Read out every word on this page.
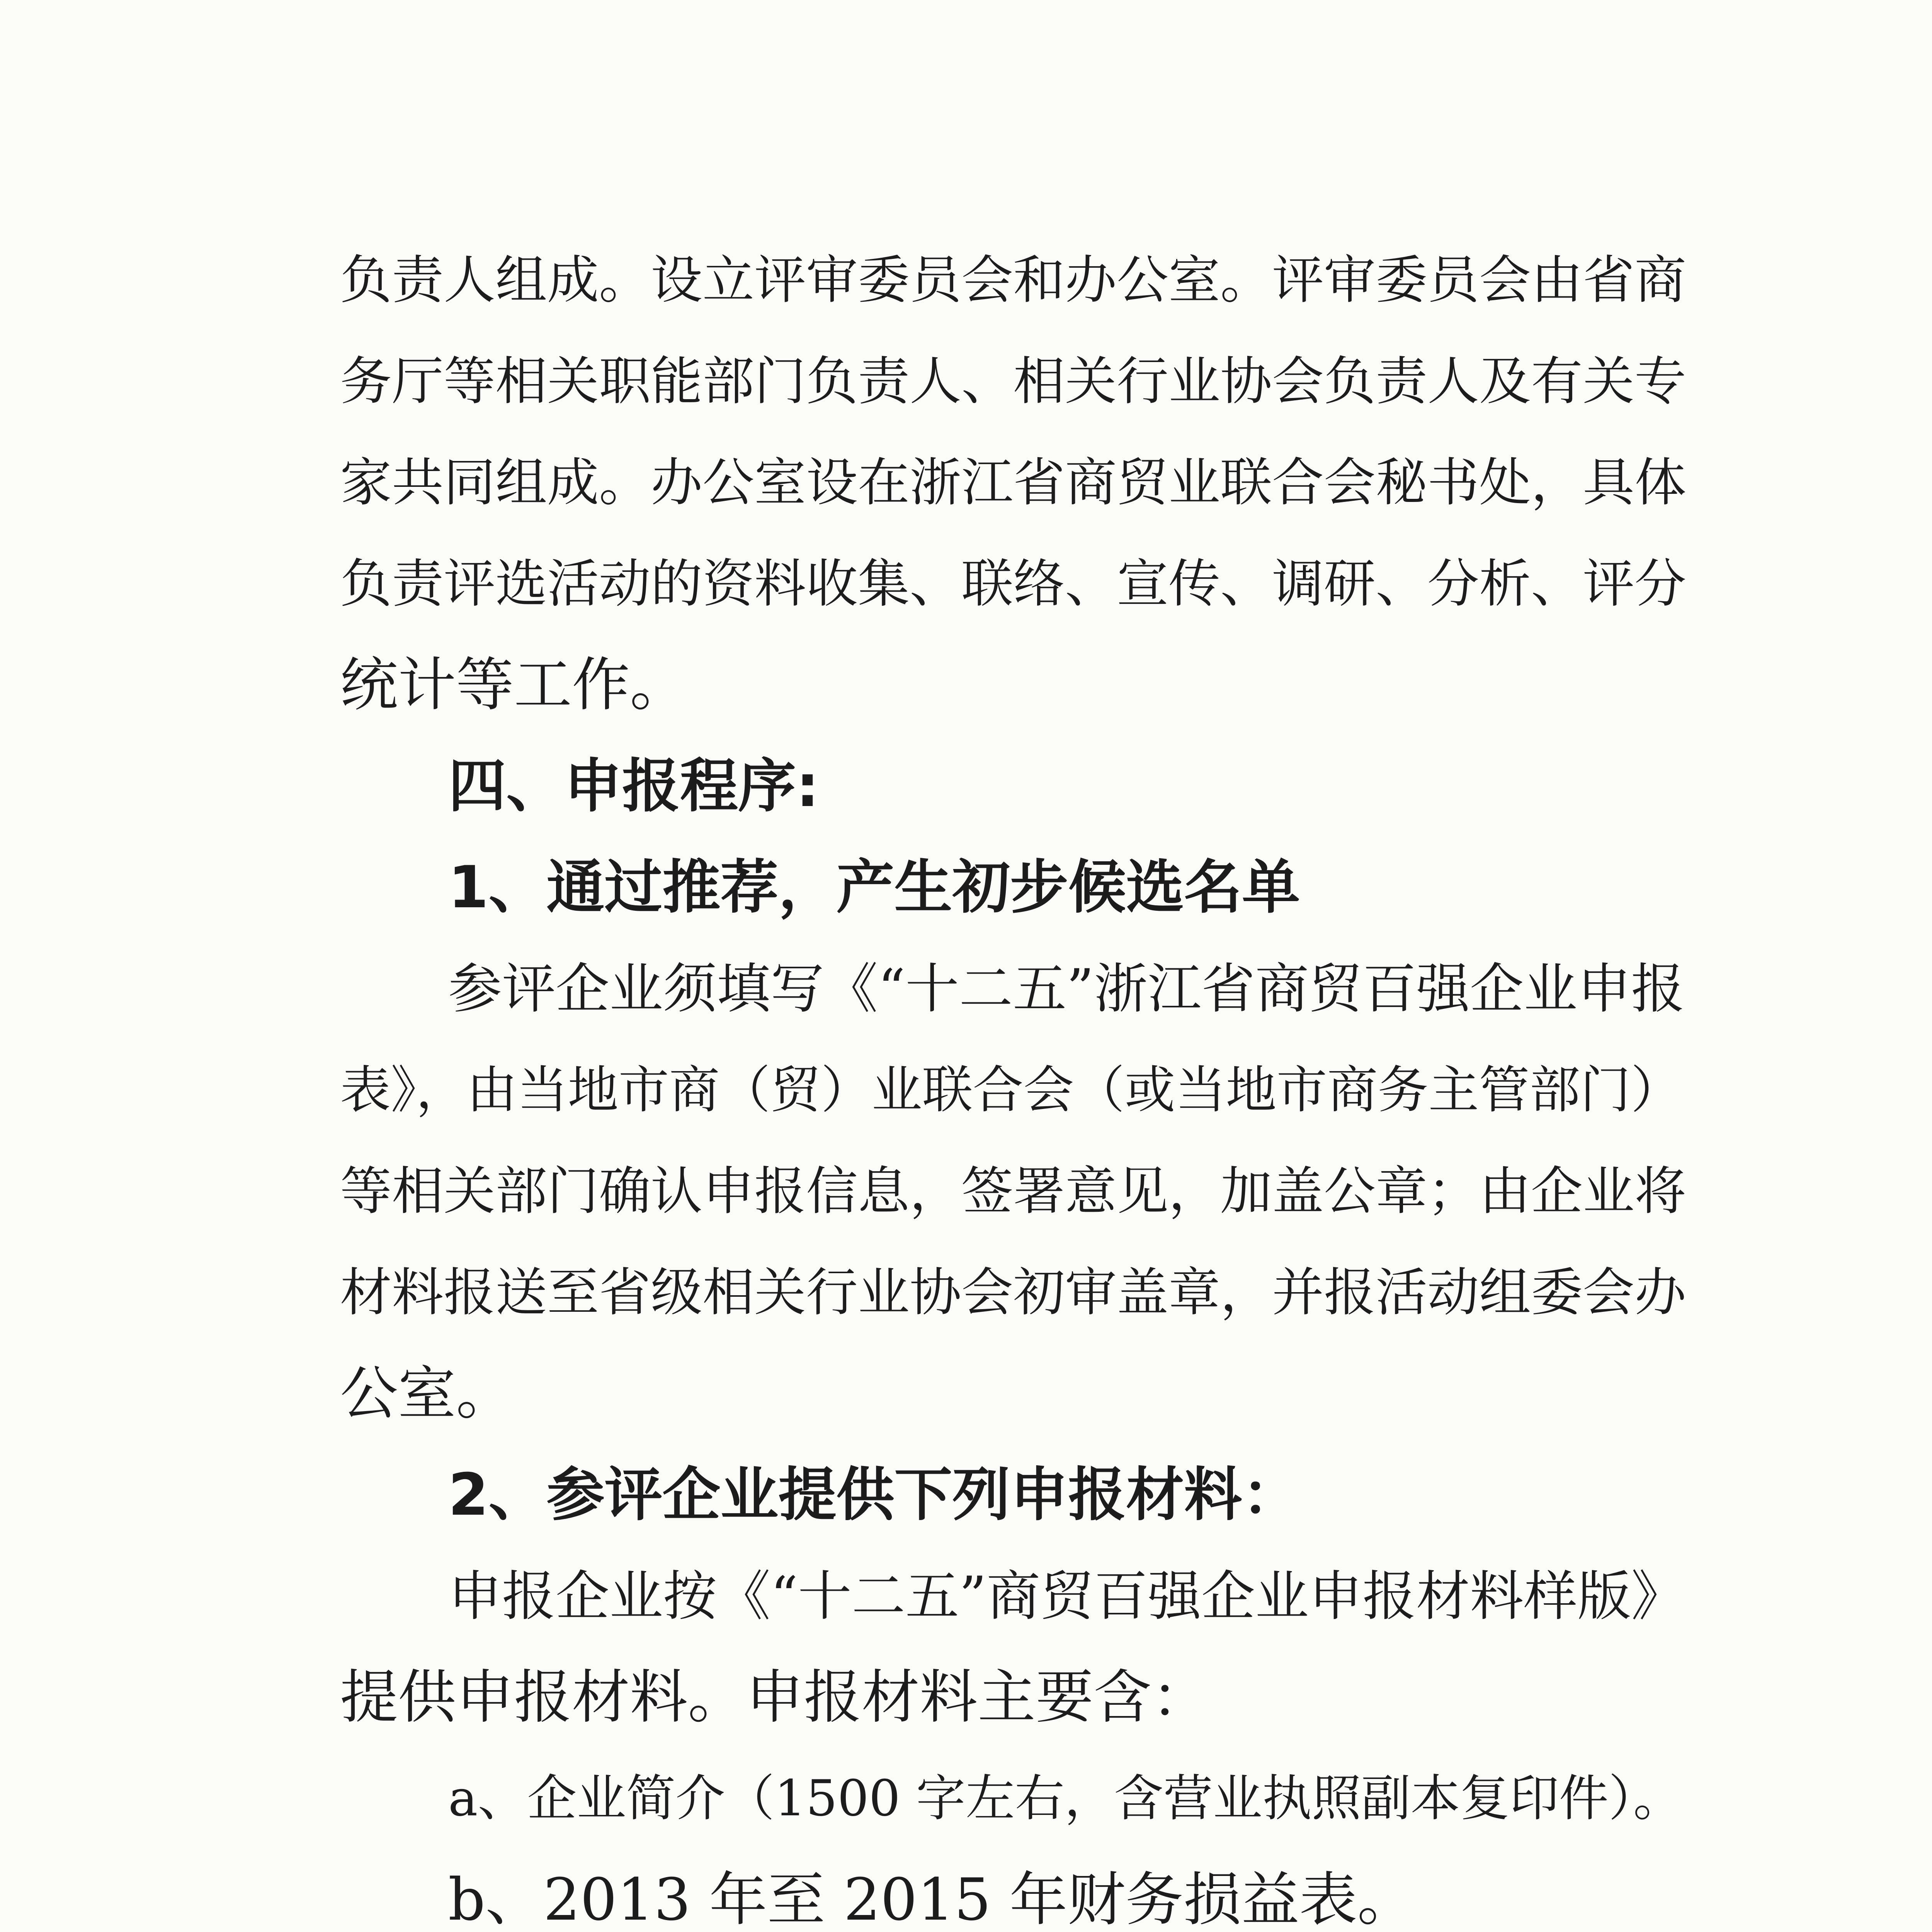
负责人组成。设立评审委员会和办公室。评审委员会由省商
务厅等相关职能部门负责人、相关行业协会负责人及有关专
家共同组成。办公室设在浙江省商贸业联合会秘书处，具体
负责评选活动的资料收集、联络、宣传、调研、分析、评分
统计等工作。
四、申报程序:
1、通过推荐，产生初步候选名单
参评企业须填写《“十二五”浙江省商贸百强企业申报
表》，由当地市商（贸）业联合会（或当地市商务主管部门）
等相关部门确认申报信息，签署意见，加盖公章；由企业将
材料报送至省级相关行业协会初审盖章，并报活动组委会办
公室。
2、参评企业提供下列申报材料：
申报企业按《“十二五”商贸百强企业申报材料样版》
提供申报材料。申报材料主要含：
a、企业简介（1500 字左右，含营业执照副本复印件）。
b、2013 年至 2015 年财务损益表。
